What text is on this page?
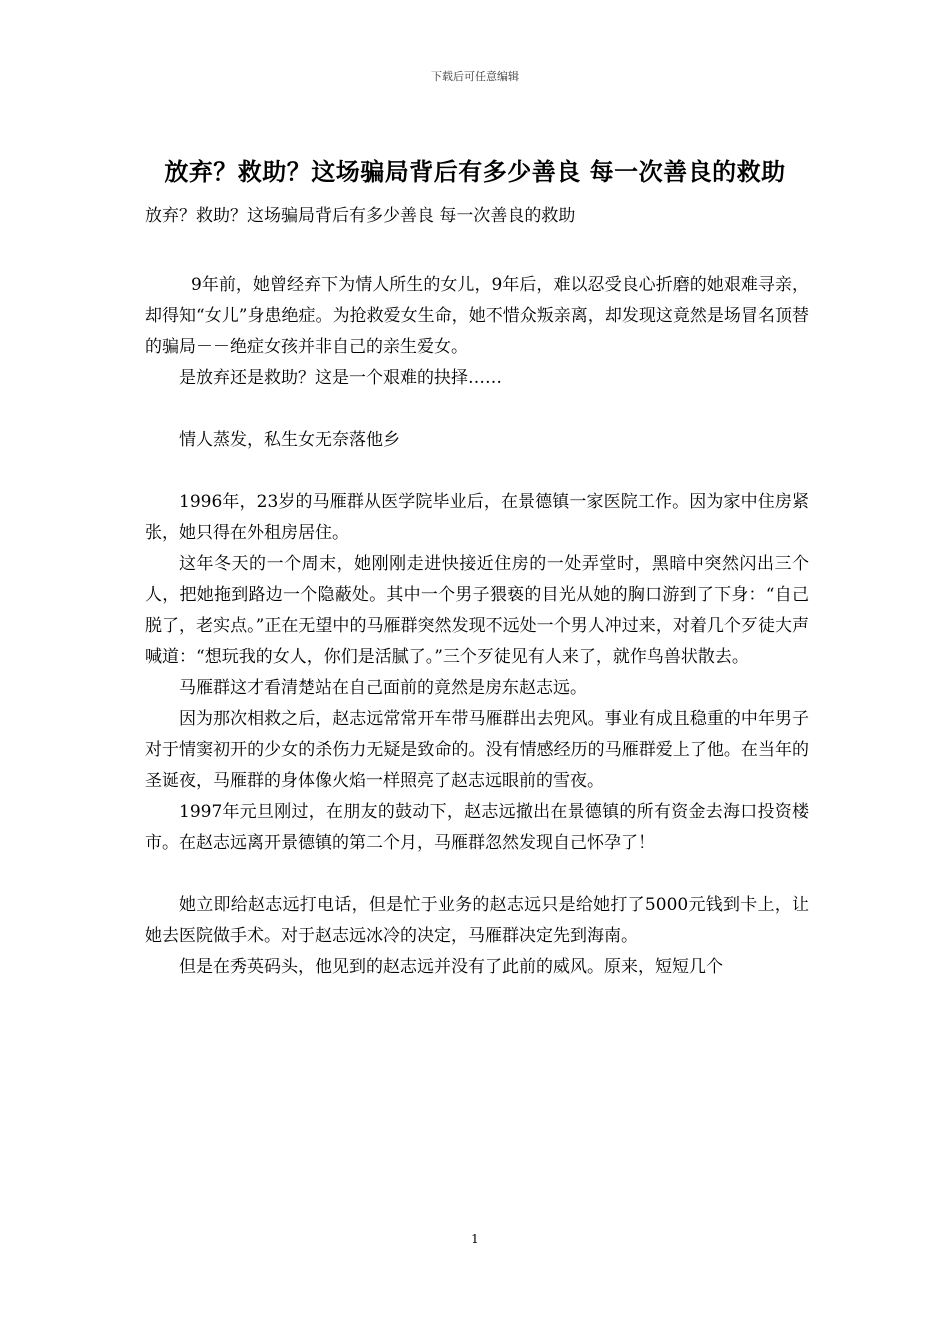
下载后可任意编辑
放弃？救助？这场骗局背后有多少善良 每一次善良的救助
放弃？救助？这场骗局背后有多少善良 每一次善良的救助

9年前，她曾经弃下为情人所生的女儿，9年后，难以忍受良心折磨的她艰难寻亲，却得知“女儿”身患绝症。为抢救爱女生命，她不惜众叛亲离，却发现这竟然是场冒名顶替的骗局－－绝症女孩并非自己的亲生爱女。

是放弃还是救助？这是一个艰难的抉择……

情人蒸发，私生女无奈落他乡

1996年，23岁的马雁群从医学院毕业后，在景德镇一家医院工作。因为家中住房紧张，她只得在外租房居住。

这年冬天的一个周末，她刚刚走进快接近住房的一处弄堂时，黑暗中突然闪出三个人，把她拖到路边一个隐蔽处。其中一个男子猥亵的目光从她的胸口游到了下身：“自己脱了，老实点。”正在无望中的马雁群突然发现不远处一个男人冲过来，对着几个歹徒大声喊道：“想玩我的女人，你们是活腻了。”三个歹徒见有人来了，就作鸟兽状散去。

马雁群这才看清楚站在自己面前的竟然是房东赵志远。

因为那次相救之后，赵志远常常开车带马雁群出去兜风。事业有成且稳重的中年男子对于情窦初开的少女的杀伤力无疑是致命的。没有情感经历的马雁群爱上了他。在当年的圣诞夜，马雁群的身体像火焰一样照亮了赵志远眼前的雪夜。

1997年元旦刚过，在朋友的鼓动下，赵志远撤出在景德镇的所有资金去海口投资楼市。在赵志远离开景德镇的第二个月，马雁群忽然发现自己怀孕了！

她立即给赵志远打电话，但是忙于业务的赵志远只是给她打了5000元钱到卡上，让她去医院做手术。对于赵志远冰冷的决定，马雁群决定先到海南。

但是在秀英码头，他见到的赵志远并没有了此前的威风。原来，短短几个

1
